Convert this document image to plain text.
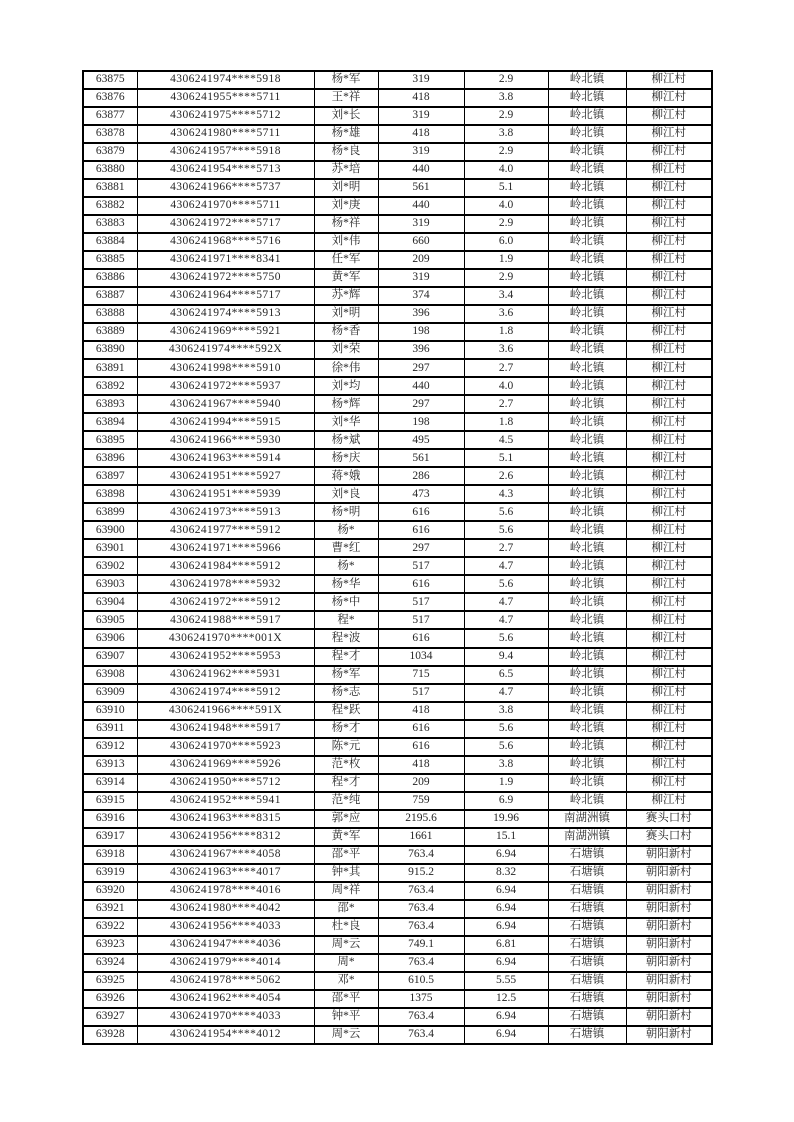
63875	4306241974****5918	杨*军	319	2.9	岭北镇	柳江村
63876	4306241955****5711	王*祥	418	3.8	岭北镇	柳江村
63877	4306241975****5712	刘*长	319	2.9	岭北镇	柳江村
63878	4306241980****5711	杨*雄	418	3.8	岭北镇	柳江村
63879	4306241957****5918	杨*良	319	2.9	岭北镇	柳江村
63880	4306241954****5713	苏*培	440	4.0	岭北镇	柳江村
63881	4306241966****5737	刘*明	561	5.1	岭北镇	柳江村
63882	4306241970****5711	刘*庚	440	4.0	岭北镇	柳江村
63883	4306241972****5717	杨*祥	319	2.9	岭北镇	柳江村
63884	4306241968****5716	刘*伟	660	6.0	岭北镇	柳江村
63885	4306241971****8341	任*军	209	1.9	岭北镇	柳江村
63886	4306241972****5750	黄*军	319	2.9	岭北镇	柳江村
63887	4306241964****5717	苏*辉	374	3.4	岭北镇	柳江村
63888	4306241974****5913	刘*明	396	3.6	岭北镇	柳江村
63889	4306241969****5921	杨*香	198	1.8	岭北镇	柳江村
63890	4306241974****592X	刘*荣	396	3.6	岭北镇	柳江村
63891	4306241998****5910	徐*伟	297	2.7	岭北镇	柳江村
63892	4306241972****5937	刘*均	440	4.0	岭北镇	柳江村
63893	4306241967****5940	杨*辉	297	2.7	岭北镇	柳江村
63894	4306241994****5915	刘*华	198	1.8	岭北镇	柳江村
63895	4306241966****5930	杨*斌	495	4.5	岭北镇	柳江村
63896	4306241963****5914	杨*庆	561	5.1	岭北镇	柳江村
63897	4306241951****5927	蒋*娥	286	2.6	岭北镇	柳江村
63898	4306241951****5939	刘*良	473	4.3	岭北镇	柳江村
63899	4306241973****5913	杨*明	616	5.6	岭北镇	柳江村
63900	4306241977****5912	杨*	616	5.6	岭北镇	柳江村
63901	4306241971****5966	曹*红	297	2.7	岭北镇	柳江村
63902	4306241984****5912	杨*	517	4.7	岭北镇	柳江村
63903	4306241978****5932	杨*华	616	5.6	岭北镇	柳江村
63904	4306241972****5912	杨*中	517	4.7	岭北镇	柳江村
63905	4306241988****5917	程*	517	4.7	岭北镇	柳江村
63906	4306241970****001X	程*波	616	5.6	岭北镇	柳江村
63907	4306241952****5953	程*才	1034	9.4	岭北镇	柳江村
63908	4306241962****5931	杨*军	715	6.5	岭北镇	柳江村
63909	4306241974****5912	杨*志	517	4.7	岭北镇	柳江村
63910	4306241966****591X	程*跃	418	3.8	岭北镇	柳江村
63911	4306241948****5917	杨*才	616	5.6	岭北镇	柳江村
63912	4306241970****5923	陈*元	616	5.6	岭北镇	柳江村
63913	4306241969****5926	范*枚	418	3.8	岭北镇	柳江村
63914	4306241950****5712	程*才	209	1.9	岭北镇	柳江村
63915	4306241952****5941	范*纯	759	6.9	岭北镇	柳江村
63916	4306241963****8315	郭*应	2195.6	19.96	南湖洲镇	赛头口村
63917	4306241956****8312	黄*军	1661	15.1	南湖洲镇	赛头口村
63918	4306241967****4058	邵*平	763.4	6.94	石塘镇	朝阳新村
63919	4306241963****4017	钟*其	915.2	8.32	石塘镇	朝阳新村
63920	4306241978****4016	周*祥	763.4	6.94	石塘镇	朝阳新村
63921	4306241980****4042	邵*	763.4	6.94	石塘镇	朝阳新村
63922	4306241956****4033	杜*良	763.4	6.94	石塘镇	朝阳新村
63923	4306241947****4036	周*云	749.1	6.81	石塘镇	朝阳新村
63924	4306241979****4014	周*	763.4	6.94	石塘镇	朝阳新村
63925	4306241978****5062	邓*	610.5	5.55	石塘镇	朝阳新村
63926	4306241962****4054	邵*平	1375	12.5	石塘镇	朝阳新村
63927	4306241970****4033	钟*平	763.4	6.94	石塘镇	朝阳新村
63928	4306241954****4012	周*云	763.4	6.94	石塘镇	朝阳新村
